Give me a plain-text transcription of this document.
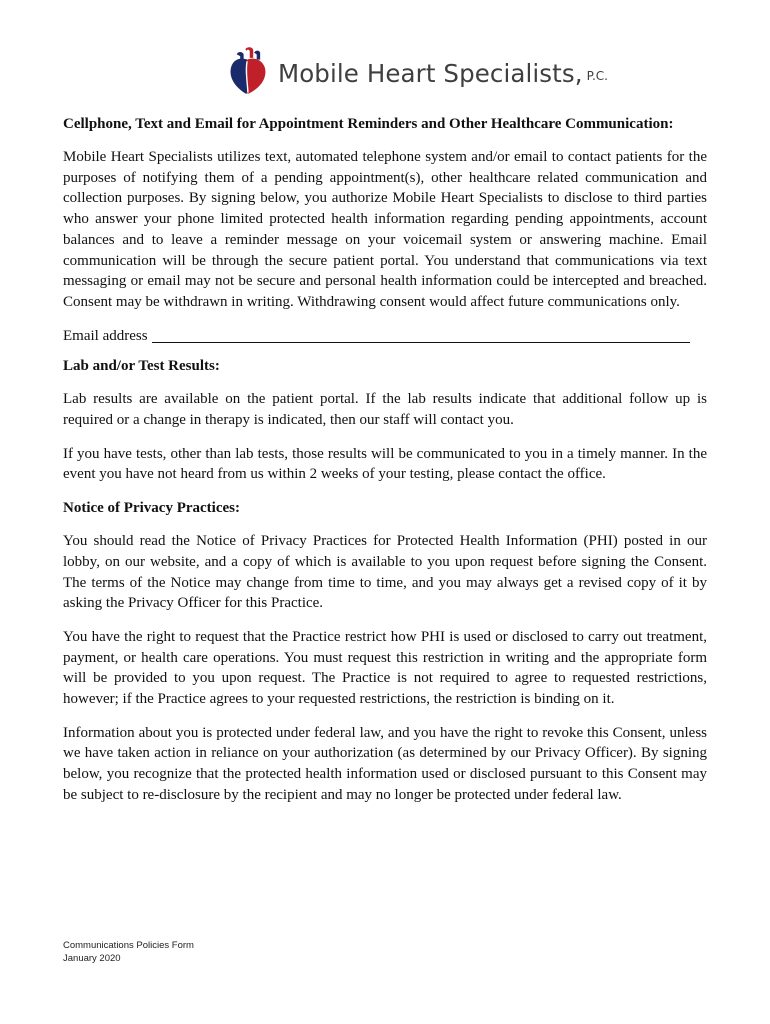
Mobile Heart Specialists, P.C.
Cellphone, Text and Email for Appointment Reminders and Other Healthcare Communication:

Mobile Heart Specialists utilizes text, automated telephone system and/or email to contact patients for the purposes of notifying them of a pending appointment(s), other healthcare related communication and collection purposes. By signing below, you authorize Mobile Heart Specialists to disclose to third parties who answer your phone limited protected health information regarding pending appointments, account balances and to leave a reminder message on your voicemail system or answering machine. Email communication will be through the secure patient portal. You understand that communications via text messaging or email may not be secure and personal health information could be intercepted and breached. Consent may be withdrawn in writing. Withdrawing consent would affect future communications only.

Email address
Lab and/or Test Results:

Lab results are available on the patient portal. If the lab results indicate that additional follow up is required or a change in therapy is indicated, then our staff will contact you.

If you have tests, other than lab tests, those results will be communicated to you in a timely manner. In the event you have not heard from us within 2 weeks of your testing, please contact the office.

Notice of Privacy Practices:

You should read the Notice of Privacy Practices for Protected Health Information (PHI) posted in our lobby, on our website, and a copy of which is available to you upon request before signing the Consent. The terms of the Notice may change from time to time, and you may always get a revised copy of it by asking the Privacy Officer for this Practice.

You have the right to request that the Practice restrict how PHI is used or disclosed to carry out treatment, payment, or health care operations. You must request this restriction in writing and the appropriate form will be provided to you upon request. The Practice is not required to agree to requested restrictions, however; if the Practice agrees to your requested restrictions, the restriction is binding on it.

Information about you is protected under federal law, and you have the right to revoke this Consent, unless we have taken action in reliance on your authorization (as determined by our Privacy Officer). By signing below, you recognize that the protected health information used or disclosed pursuant to this Consent may be subject to re-disclosure by the recipient and may no longer be protected under federal law.

Communications Policies Form
January 2020
